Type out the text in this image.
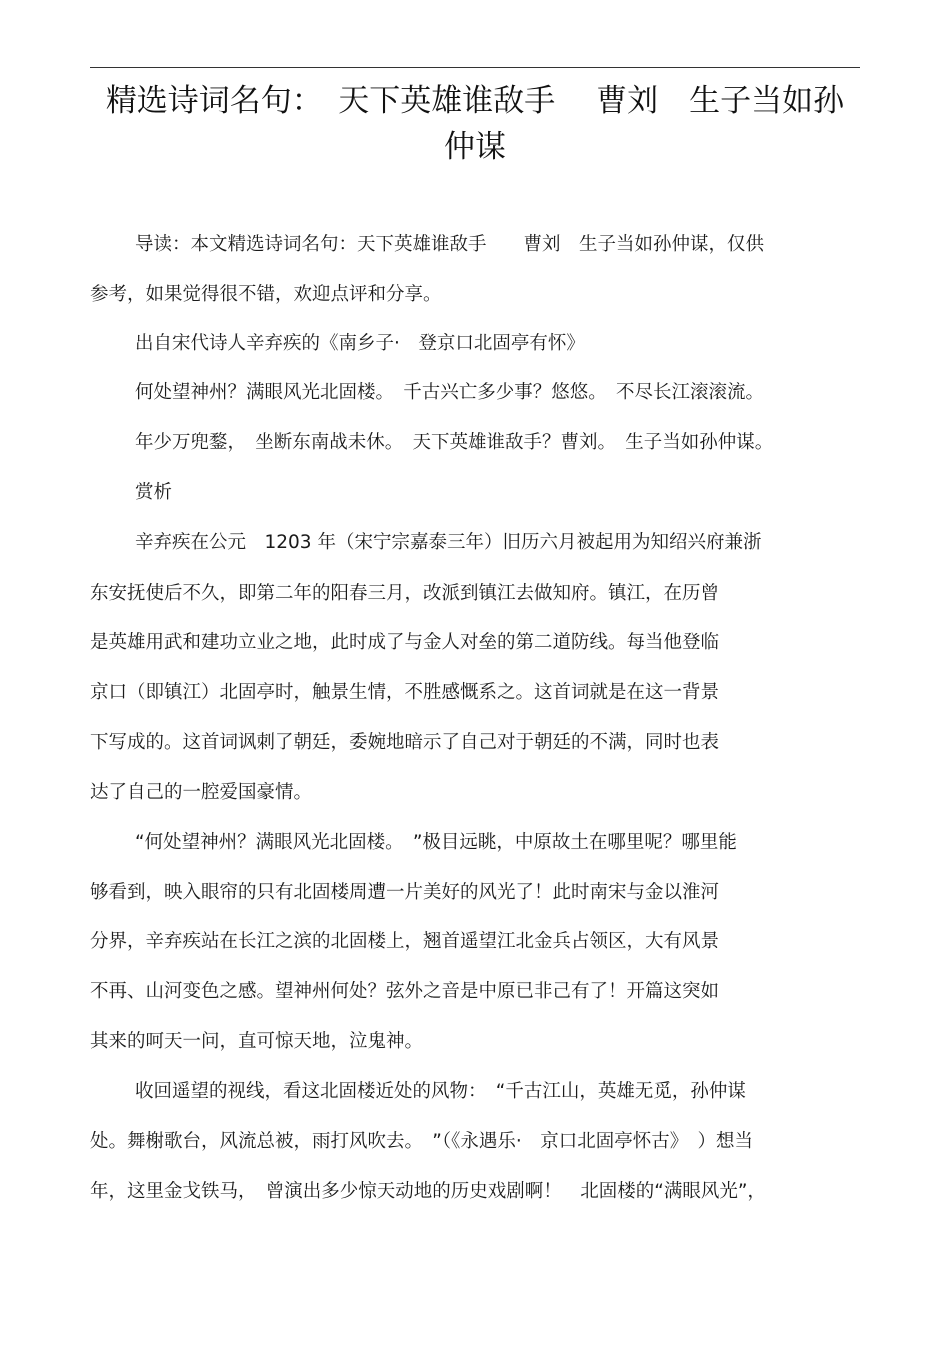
精选诗词名句：　天下英雄谁敌手　 曹刘　生子当如孙
仲谋
导读：本文精选诗词名句：天下英雄谁敌手　　曹刘　生子当如孙仲谋，仅供
参考，如果觉得很不错，欢迎点评和分享。
出自宋代诗人辛弃疾的《南乡子·　登京口北固亭有怀》
何处望神州？满眼风光北固楼。　千古兴亡多少事？悠悠。　不尽长江滚滚流。
年少万兜鍪，　坐断东南战未休。　天下英雄谁敌手？曹刘。　生子当如孙仲谋。
赏析
辛弃疾在公元　1203 年（宋宁宗嘉泰三年）旧历六月被起用为知绍兴府兼浙
东安抚使后不久，即第二年的阳春三月，改派到镇江去做知府。镇江，在历曾
是英雄用武和建功立业之地，此时成了与金人对垒的第二道防线。每当他登临
京口（即镇江）北固亭时，触景生情，不胜感慨系之。这首词就是在这一背景
下写成的。这首词讽刺了朝廷，委婉地暗示了自己对于朝廷的不满，同时也表
达了自己的一腔爱国豪情。
“何处望神州？满眼风光北固楼。　”极目远眺，中原故土在哪里呢？哪里能
够看到，映入眼帘的只有北固楼周遭一片美好的风光了！此时南宋与金以淮河
分界，辛弃疾站在长江之滨的北固楼上，翘首遥望江北金兵占领区，大有风景
不再、山河变色之感。望神州何处？弦外之音是中原已非己有了！开篇这突如
其来的呵天一问，直可惊天地，泣鬼神。
收回遥望的视线，看这北固楼近处的风物：　“千古江山，英雄无觅，孙仲谋
处。舞榭歌台，风流总被，雨打风吹去。　”（《永遇乐·　京口北固亭怀古》　）想当
年，这里金戈铁马，　曾演出多少惊天动地的历史戏剧啊！　北固楼的“满眼风光”，
